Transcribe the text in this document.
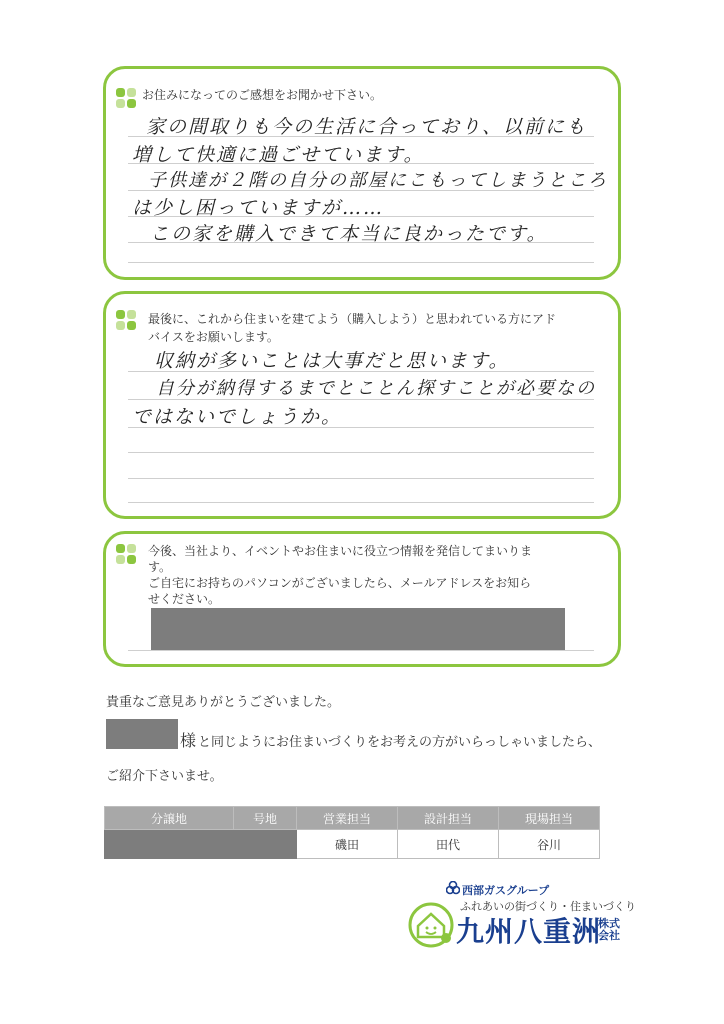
お住みになってのご感想をお聞かせ下さい。
家の間取りも今の生活に合っており、以前にも
増して快適に過ごせています。
子供達が２階の自分の部屋にこもってしまうところ
は少し困っていますが……
この家を購入できて本当に良かったです。
最後に、これから住まいを建てよう（購入しよう）と思われている方にアド
バイスをお願いします。
収納が多いことは大事だと思います。
自分が納得するまでとことん探すことが必要なの
ではないでしょうか。
今後、当社より、イベントやお住まいに役立つ情報を発信してまいりま
す。
ご自宅にお持ちのパソコンがございましたら、メールアドレスをお知ら
せください。
貴重なご意見ありがとうございました。
様 と同じようにお住まいづくりをお考えの方がいらっしゃいましたら、
ご紹介下さいませ。
分譲地	号地	営業担当	設計担当	現場担当
		磯田	田代	谷川
西部ガスグループ
ふれあいの街づくり・住まいづくり
九州八重洲
株式会社
